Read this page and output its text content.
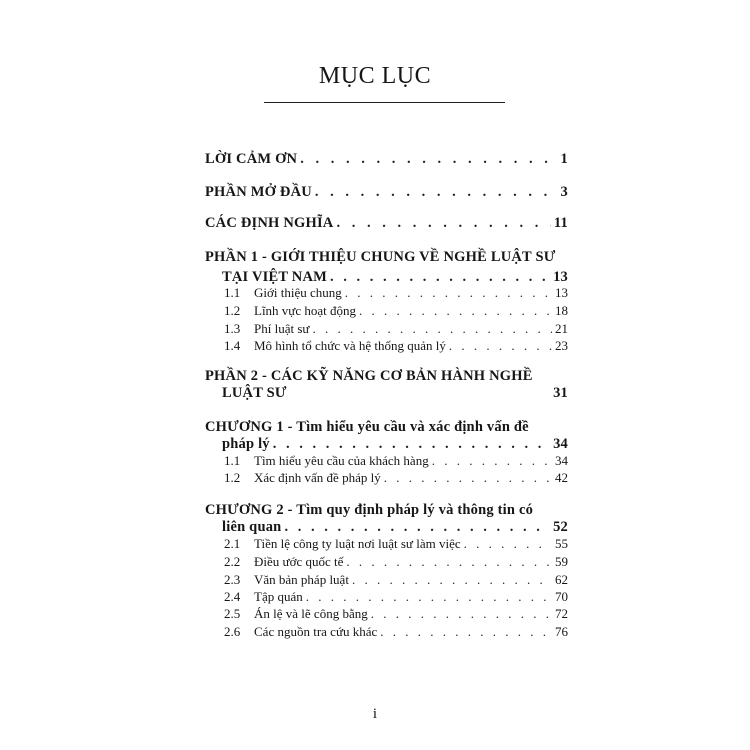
MỤC LỤC
LỜI CẢM ƠN . . .	1
PHẦN MỞ ĐẦU . . .	3
CÁC ĐỊNH NGHĨA . . .	11
PHẦN 1 - GIỚI THIỆU CHUNG VỀ NGHỀ LUẬT SƯ
TẠI VIỆT NAM . . .	13
1.1 Giới thiệu chung . . .	13
1.2 Lĩnh vực hoạt động . . .	18
1.3 Phí luật sư . . .	21
1.4 Mô hình tổ chức và hệ thống quản lý . . .	23
PHẦN 2 - CÁC KỸ NĂNG CƠ BẢN HÀNH NGHỀ
LUẬT SƯ	31
CHƯƠNG 1 - Tìm hiểu yêu cầu và xác định vấn đề
pháp lý . . .	34
1.1 Tìm hiểu yêu cầu của khách hàng . . .	34
1.2 Xác định vấn đề pháp lý . . .	42
CHƯƠNG 2 - Tìm quy định pháp lý và thông tin có
liên quan . . .	52
2.1 Tiền lệ công ty luật nơi luật sư làm việc . . .	55
2.2 Điều ước quốc tế . . .	59
2.3 Văn bản pháp luật . . .	62
2.4 Tập quán . . .	70
2.5 Án lệ và lẽ công bằng . . .	72
2.6 Các nguồn tra cứu khác . . .	76
i
